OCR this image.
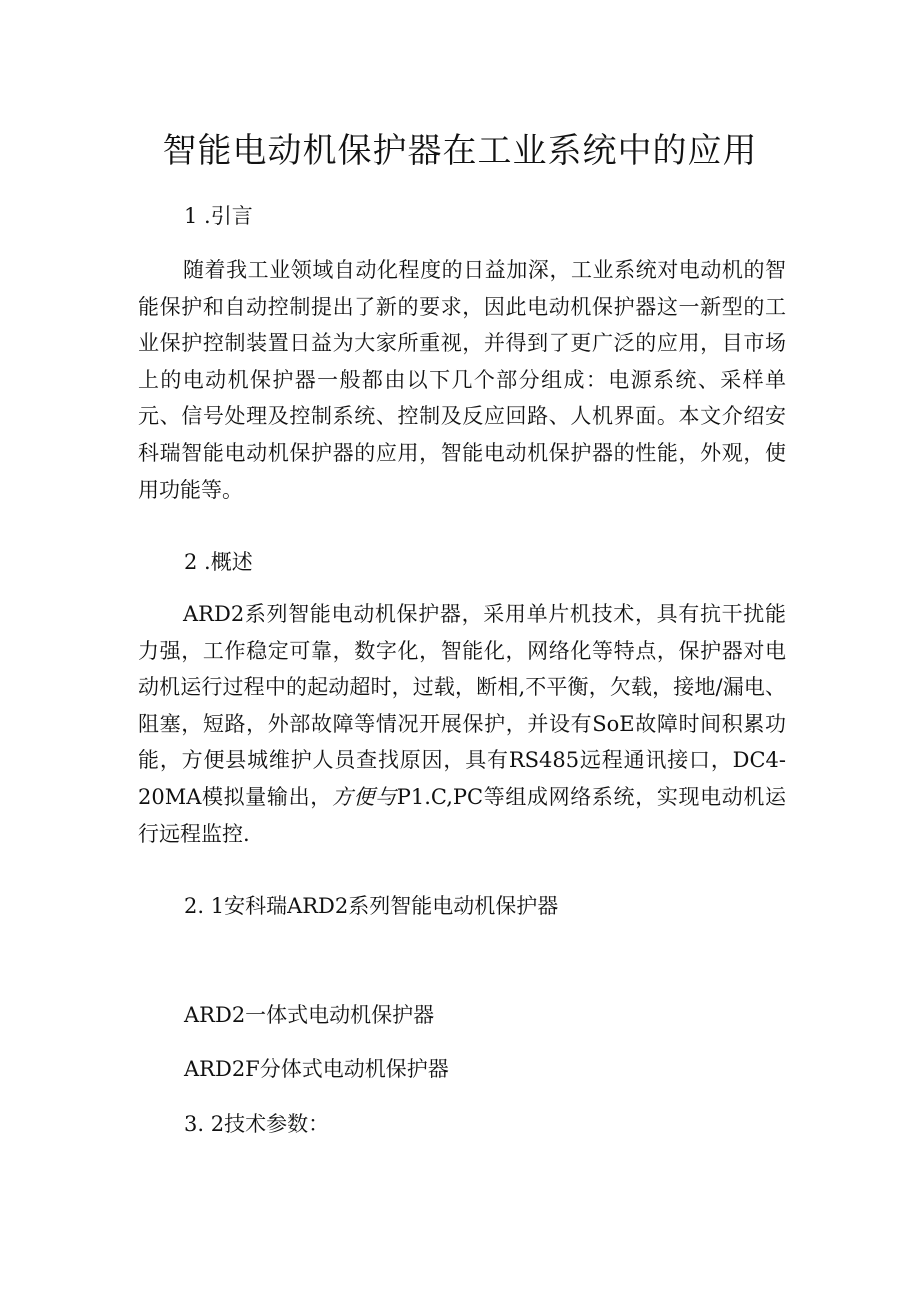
智能电动机保护器在工业系统中的应用

1 .引言

随着我工业领域自动化程度的日益加深，工业系统对电动机的智能保护和自动控制提出了新的要求，因此电动机保护器这一新型的工业保护控制装置日益为大家所重视，并得到了更广泛的应用，目市场上的电动机保护器一般都由以下几个部分组成：电源系统、采样单元、信号处理及控制系统、控制及反应回路、人机界面。本文介绍安科瑞智能电动机保护器的应用，智能电动机保护器的性能，外观，使用功能等。

2 .概述

ARD2系列智能电动机保护器，采用单片机技术，具有抗干扰能力强，工作稳定可靠，数字化，智能化，网络化等特点，保护器对电动机运行过程中的起动超时，过载，断相,不平衡，欠载，接地/漏电、阻塞，短路，外部故障等情况开展保护，并设有SoE故障时间积累功能，方便县城维护人员查找原因，具有RS485远程通讯接口，DC4-20MA模拟量输出，方便与P1.C,PC等组成网络系统，实现电动机运行远程监控.

2. 1安科瑞ARD2系列智能电动机保护器

ARD2一体式电动机保护器

ARD2F分体式电动机保护器

3. 2技术参数：
